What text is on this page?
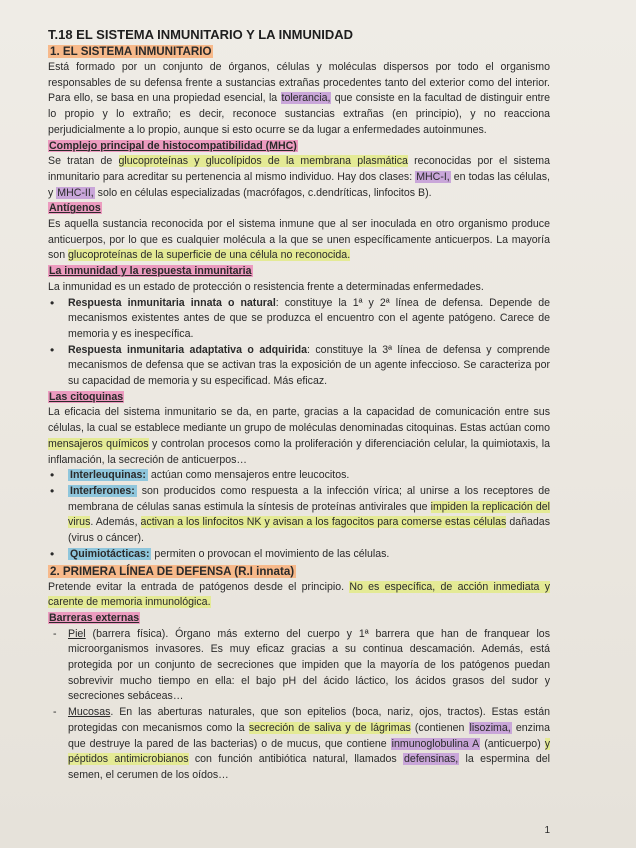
T.18 EL SISTEMA INMUNITARIO Y LA INMUNIDAD
1. EL SISTEMA INMUNITARIO

Está formado por un conjunto de órganos, células y moléculas dispersos por todo el organismo responsables de su defensa frente a sustancias extrañas procedentes tanto del exterior como del interior. Para ello, se basa en una propiedad esencial, la tolerancia, que consiste en la facultad de distinguir entre lo propio y lo extraño; es decir, reconoce sustancias extrañas (en principio), y no reacciona perjudicialmente a lo propio, aunque si esto ocurre se da lugar a enfermedades autoinmunes.

Complejo principal de histocompatibilidad (MHC)

Se tratan de glucoproteínas y glucolípidos de la membrana plasmática reconocidas por el sistema inmunitario para acreditar su pertenencia al mismo individuo. Hay dos clases: MHC-I, en todas las células, y MHC-II, solo en células especializadas (macrófagos, c.dendríticas, linfocitos B).

Antígenos

Es aquella sustancia reconocida por el sistema inmune que al ser inoculada en otro organismo produce anticuerpos, por lo que es cualquier molécula a la que se unen específicamente anticuerpos. La mayoría son glucoproteínas de la superficie de una célula no reconocida.

La inmunidad y la respuesta inmunitaria

La inmunidad es un estado de protección o resistencia frente a determinadas enfermedades.

• Respuesta inmunitaria innata o natural: constituye la 1ª y 2ª línea de defensa. Depende de mecanismos existentes antes de que se produzca el encuentro con el agente patógeno. Carece de memoria y es inespecífica.
• Respuesta inmunitaria adaptativa o adquirida: constituye la 3ª línea de defensa y comprende mecanismos de defensa que se activan tras la exposición de un agente infeccioso. Se caracteriza por su capacidad de memoria y su especificad. Más eficaz.
Las citoquinas

La eficacia del sistema inmunitario se da, en parte, gracias a la capacidad de comunicación entre sus células, la cual se establece mediante un grupo de moléculas denominadas citoquinas. Estas actúan como mensajeros químicos y controlan procesos como la proliferación y diferenciación celular, la quimiotaxis, la inflamación, la secreción de anticuerpos…

• Interleuquinas: actúan como mensajeros entre leucocitos.
• Interferones: son producidos como respuesta a la infección vírica; al unirse a los receptores de membrana de células sanas estimula la síntesis de proteínas antivirales que impiden la replicación del virus. Además, activan a los linfocitos NK y avisan a los fagocitos para comerse estas células dañadas (virus o cáncer).
• Quimiotácticas: permiten o provocan el movimiento de las células.
2. PRIMERA LÍNEA DE DEFENSA (R.I innata)

Pretende evitar la entrada de patógenos desde el principio. No es específica, de acción inmediata y carente de memoria inmunológica.

Barreras externas
- Piel (barrera física). Órgano más externo del cuerpo y 1ª barrera que han de franquear los microorganismos invasores. Es muy eficaz gracias a su continua descamación. Además, está protegida por un conjunto de secreciones que impiden que la mayoría de los patógenos puedan sobrevivir mucho tiempo en ella: el bajo pH del ácido láctico, los ácidos grasos del sudor y secreciones sebáceas…
- Mucosas. En las aberturas naturales, que son epitelios (boca, nariz, ojos, tractos). Estas están protegidas con mecanismos como la secreción de saliva y de lágrimas (contienen lisozima, enzima que destruye la pared de las bacterias) o de mucus, que contiene inmunoglobulina A (anticuerpo) y péptidos antimicrobianos con función antibiótica natural, llamados defensinas, la espermina del semen, el cerumen de los oídos…
1
